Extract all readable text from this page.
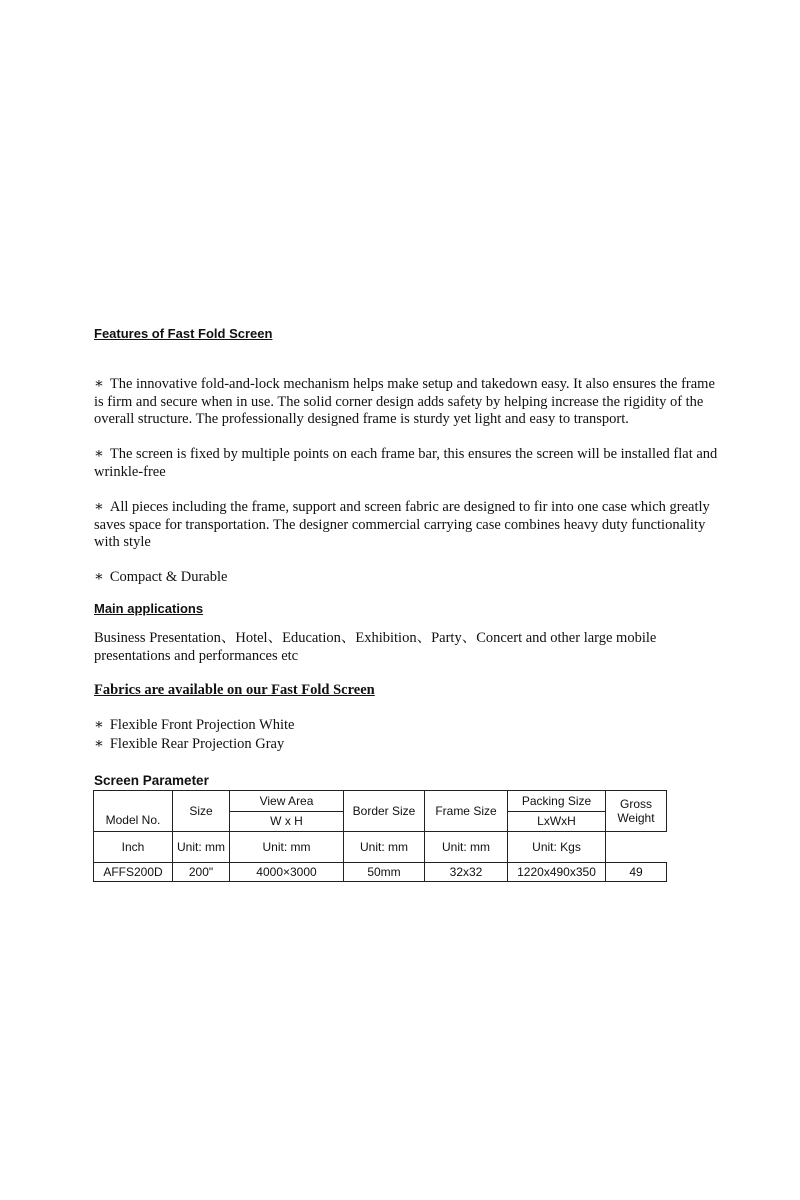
Features of Fast Fold Screen

∗ The innovative fold-and-lock mechanism helps make setup and takedown easy. It also ensures the frame is firm and secure when in use. The solid corner design adds safety by helping increase the rigidity of the overall structure. The professionally designed frame is sturdy yet light and easy to transport.

∗ The screen is fixed by multiple points on each frame bar, this ensures the screen will be installed flat and wrinkle-free

∗ All pieces including the frame, support and screen fabric are designed to fir into one case which greatly saves space for transportation. The designer commercial carrying case combines heavy duty functionality with style

∗ Compact & Durable

Main applications

Business Presentation、Hotel、Education、Exhibition、Party、Concert and other large mobile presentations and performances etc

Fabrics are available on our Fast Fold Screen

∗ Flexible Front Projection White

∗ Flexible Rear Projection Gray

Screen Parameter
Model No.	Size	View Area	Border Size	Frame Size	Packing Size	Gross Weight
		W x H			LxWxH	
Inch	Unit: mm	Unit: mm	Unit: mm	Unit: mm	Unit: Kgs	
AFFS200D	200"	4000×3000	50mm	32x32	1220x490x350	49
